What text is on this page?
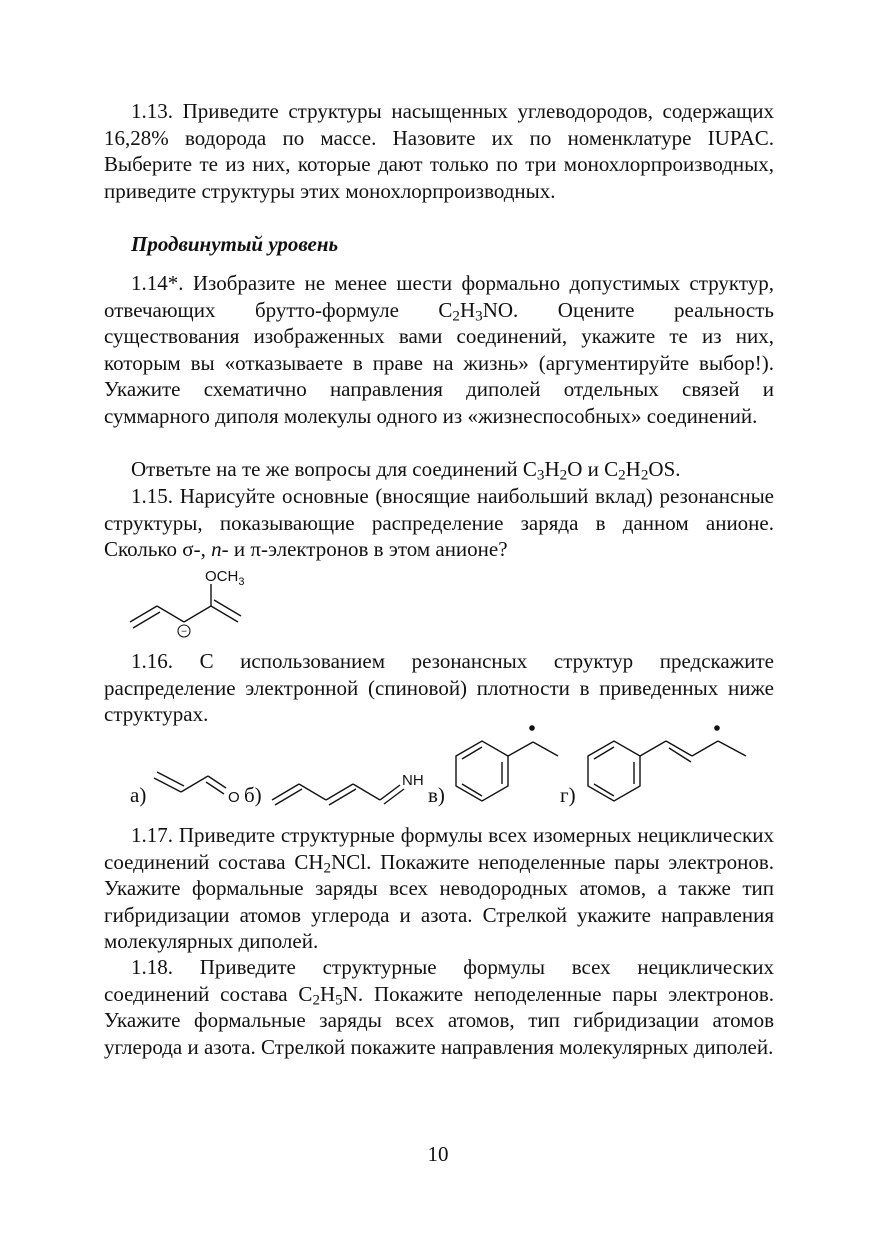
1.13. Приведите структуры насыщенных углеводородов, содержащих 16,28% водорода по массе. Назовите их по номенклатуре IUPAC. Выберите те из них, которые дают только по три монохлорпроизводных, приведите структуры этих монохлорпроизводных.

Продвинутый уровень

1.14*. Изобразите не менее шести формально допустимых структур, отвечающих брутто-формуле $C_2H_3NO$. Оцените реальность существования изображенных вами соединений, укажите те из них, которым вы «отказываете в праве на жизнь» (аргументируйте выбор!). Укажите схематично направления диполей отдельных связей и суммарного диполя молекулы одного из «жизнеспособных» соединений.

Ответьте на те же вопросы для соединений $C_3H_2O$ и $C_2H_2OS$.

1.15. Нарисуйте основные (вносящие наибольший вклад) резонансные структуры, показывающие распределение заряда в данном анионе. Сколько σ-, n- и π-электронов в этом анионе?

$OCH_3$
−

1.16. С использованием резонансных структур предскажите распределение электронной (спиновой) плотности в приведенных ниже структурах.

а)	O б)
NH
в)	г)

1.17. Приведите структурные формулы всех изомерных нециклических соединений состава $CH_2NCl$. Покажите неподеленные пары электронов. Укажите формальные заряды всех неводородных атомов, а также тип гибридизации атомов углерода и азота. Стрелкой укажите направления молекулярных диполей.

1.18. Приведите структурные формулы всех нециклических соединений состава $C_2H_5N$. Покажите неподеленные пары электронов. Укажите формальные заряды всех атомов, тип гибридизации атомов углерода и азота. Стрелкой покажите направления молекулярных диполей.

10
